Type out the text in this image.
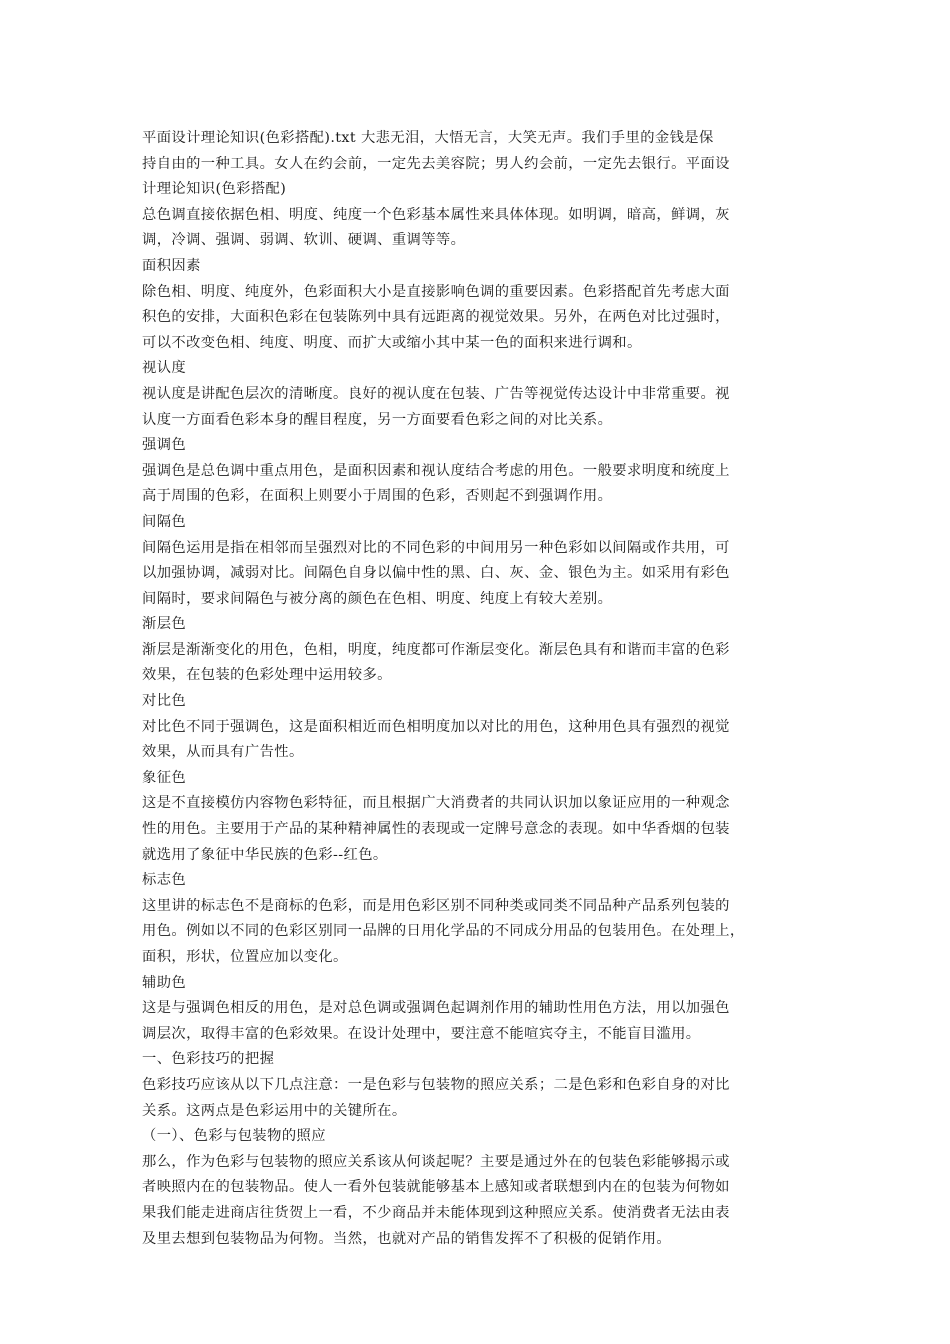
平面设计理论知识(色彩搭配).txt 大悲无泪，大悟无言，大笑无声。我们手里的金钱是保
持自由的一种工具。女人在约会前，一定先去美容院；男人约会前，一定先去银行。平面设
计理论知识(色彩搭配)
总色调直接依据色相、明度、纯度一个色彩基本属性来具体体现。如明调，暗高，鲜调，灰
调，冷调、强调、弱调、软训、硬调、重调等等。
面积因素
除色相、明度、纯度外，色彩面积大小是直接影响色调的重要因素。色彩搭配首先考虑大面
积色的安排，大面积色彩在包装陈列中具有远距离的视觉效果。另外，在两色对比过强时，
可以不改变色相、纯度、明度、而扩大或缩小其中某一色的面积来进行调和。
视认度
视认度是讲配色层次的清晰度。良好的视认度在包装、广告等视觉传达设计中非常重要。视
认度一方面看色彩本身的醒目程度，另一方面要看色彩之间的对比关系。
强调色
强调色是总色调中重点用色，是面积因素和视认度结合考虑的用色。一般要求明度和统度上
高于周围的色彩，在面积上则要小于周围的色彩，否则起不到强调作用。
间隔色
间隔色运用是指在相邻而呈强烈对比的不同色彩的中间用另一种色彩如以间隔或作共用，可
以加强协调，减弱对比。间隔色自身以偏中性的黑、白、灰、金、银色为主。如采用有彩色
间隔时，要求间隔色与被分离的颜色在色相、明度、纯度上有较大差别。
渐层色
渐层是渐渐变化的用色，色相，明度，纯度都可作渐层变化。渐层色具有和谐而丰富的色彩
效果，在包装的色彩处理中运用较多。
对比色
对比色不同于强调色，这是面积相近而色相明度加以对比的用色，这种用色具有强烈的视觉
效果，从而具有广告性。
象征色
这是不直接模仿内容物色彩特征，而且根据广大消费者的共同认识加以象证应用的一种观念
性的用色。主要用于产品的某种精神属性的表现或一定牌号意念的表现。如中华香烟的包装
就选用了象征中华民族的色彩--红色。
标志色
这里讲的标志色不是商标的色彩，而是用色彩区别不同种类或同类不同品种产品系列包装的
用色。例如以不同的色彩区别同一品牌的日用化学品的不同成分用品的包装用色。在处理上，
面积，形状，位置应加以变化。
辅助色
这是与强调色相反的用色，是对总色调或强调色起调剂作用的辅助性用色方法，用以加强色
调层次，取得丰富的色彩效果。在设计处理中，要注意不能喧宾夺主，不能盲目滥用。
一、色彩技巧的把握
色彩技巧应该从以下几点注意：一是色彩与包装物的照应关系；二是色彩和色彩自身的对比
关系。这两点是色彩运用中的关键所在。
（一）、色彩与包装物的照应
那么，作为色彩与包装物的照应关系该从何谈起呢？主要是通过外在的包装色彩能够揭示或
者映照内在的包装物品。使人一看外包装就能够基本上感知或者联想到内在的包装为何物如
果我们能走进商店往货贺上一看，不少商品并未能体现到这种照应关系。使消费者无法由表
及里去想到包装物品为何物。当然，也就对产品的销售发挥不了积极的促销作用。
